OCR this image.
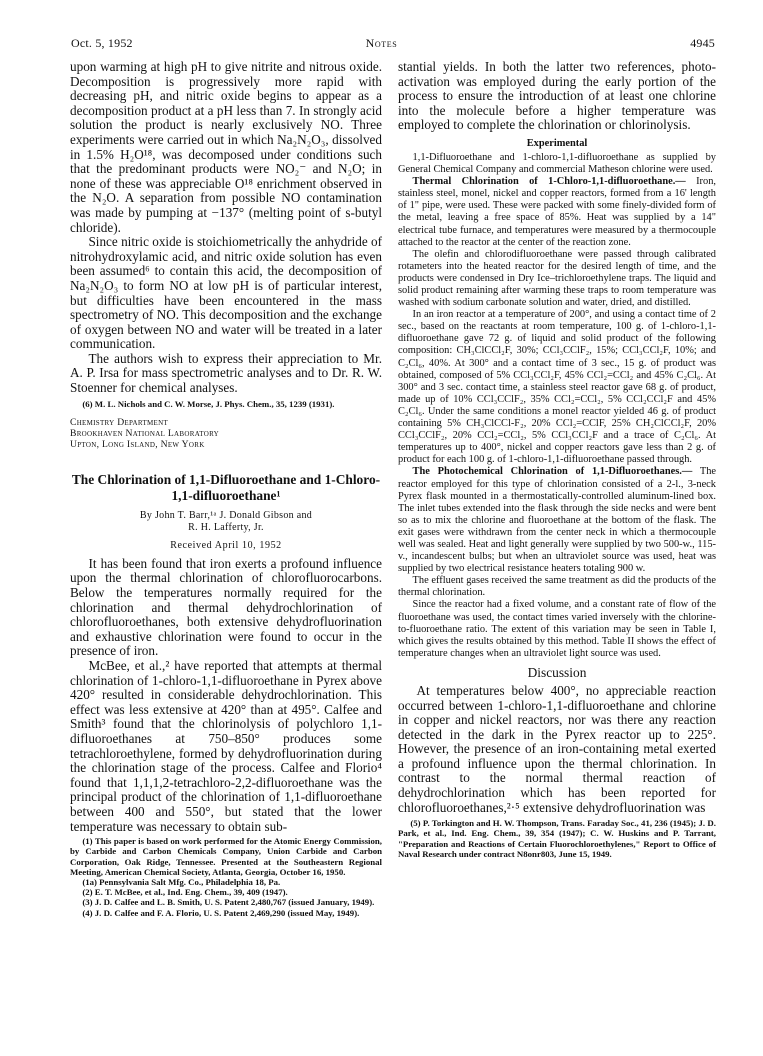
Oct. 5, 1952	Notes	4945

upon warming at high pH to give nitrite and nitrous oxide. Decomposition is progressively more rapid with decreasing pH, and nitric oxide begins to appear as a decomposition product at a pH less than 7. In strongly acid solution the product is nearly exclusively NO. Three experiments were carried out in which Na₂N₂O₃, dissolved in 1.5% H₂O¹⁸, was decomposed under conditions such that the predominant products were NO₂⁻ and N₂O; in none of these was appreciable O¹⁸ enrichment observed in the N₂O. A separation from possible NO contamination was made by pumping at −137° (melting point of s-butyl chloride).

Since nitric oxide is stoichiometrically the anhydride of nitrohydroxylamic acid, and nitric oxide solution has even been assumed⁶ to contain this acid, the decomposition of Na₂N₂O₃ to form NO at low pH is of particular interest, but difficulties have been encountered in the mass spectrometry of NO. This decomposition and the exchange of oxygen between NO and water will be treated in a later communication.

The authors wish to express their appreciation to Mr. A. P. Irsa for mass spectrometric analyses and to Dr. R. W. Stoenner for chemical analyses.

(6) M. L. Nichols and C. W. Morse, J. Phys. Chem., 35, 1239 (1931).

Chemistry Department
Brookhaven National Laboratory
Upton, Long Island, New York
The Chlorination of 1,1-Difluoroethane and 1-Chloro-1,1-difluoroethane¹
By John T. Barr,¹ᵃ J. Donald Gibson and
R. H. Lafferty, Jr.
Received April 10, 1952

It has been found that iron exerts a profound influence upon the thermal chlorination of chlorofluorocarbons. Below the temperatures normally required for the chlorination and thermal dehydrochlorination of chlorofluoroethanes, both extensive dehydrofluorination and exhaustive chlorination were found to occur in the presence of iron.

McBee, et al.,² have reported that attempts at thermal chlorination of 1-chloro-1,1-difluoroethane in Pyrex above 420° resulted in considerable dehydrochlorination. This effect was less extensive at 420° than at 495°. Calfee and Smith³ found that the chlorinolysis of polychloro 1,1-difluoroethanes at 750–850° produces some tetrachloroethylene, formed by dehydrofluorination during the chlorination stage of the process. Calfee and Florio⁴ found that 1,1,1,2-tetrachloro-2,2-difluoroethane was the principal product of the chlorination of 1,1-difluoroethane between 400 and 550°, but stated that the lower temperature was necessary to obtain sub-

(1) This paper is based on work performed for the Atomic Energy Commission, by Carbide and Carbon Chemicals Company, Union Carbide and Carbon Corporation, Oak Ridge, Tennessee. Presented at the Southeastern Regional Meeting, American Chemical Society, Atlanta, Georgia, October 16, 1950.

(1a) Pennsylvania Salt Mfg. Co., Philadelphia 18, Pa.

(2) E. T. McBee, et al., Ind. Eng. Chem., 39, 409 (1947).

(3) J. D. Calfee and L. B. Smith, U. S. Patent 2,480,767 (issued January, 1949).

(4) J. D. Calfee and F. A. Florio, U. S. Patent 2,469,290 (issued May, 1949).

stantial yields. In both the latter two references, photo-activation was employed during the early portion of the process to ensure the introduction of at least one chlorine into the molecule before a higher temperature was employed to complete the chlorination or chlorinolysis.

Experimental

1,1-Difluoroethane and 1-chloro-1,1-difluoroethane as supplied by General Chemical Company and commercial Matheson chlorine were used.

Thermal Chlorination of 1-Chloro-1,1-difluoroethane.— Iron, stainless steel, monel, nickel and copper reactors, formed from a 16' length of 1" pipe, were used. These were packed with some finely-divided form of the metal, leaving a free space of 85%. Heat was supplied by a 14" electrical tube furnace, and temperatures were measured by a thermocouple attached to the reactor at the center of the reaction zone.

The olefin and chlorodifluoroethane were passed through calibrated rotameters into the heated reactor for the desired length of time, and the products were condensed in Dry Ice–trichloroethylene traps. The liquid and solid product remaining after warming these traps to room temperature was washed with sodium carbonate solution and water, dried, and distilled.

In an iron reactor at a temperature of 200°, and using a contact time of 2 sec., based on the reactants at room temperature, 100 g. of 1-chloro-1,1-difluoroethane gave 72 g. of liquid and solid product of the following composition: CH₃ClCCl₂F, 30%; CCl₃CClF₂, 15%; CCl₃CCl₂F, 10%; and C₂Cl₆, 40%. At 300° and a contact time of 3 sec., 15 g. of product was obtained, composed of 5% CCl₃CCl₂F, 45% CCl₂=CCl₂ and 45% C₂Cl₆. At 300° and 3 sec. contact time, a stainless steel reactor gave 68 g. of product, made up of 10% CCl₃CClF₂, 35% CCl₂=CCl₂, 5% CCl₂CCl₂F and 45% C₂Cl₆. Under the same conditions a monel reactor yielded 46 g. of product containing 5% CH₃ClCCl-F₂, 20% CCl₂=CClF, 25% CH₂ClCCl₂F, 20% CCl₃CClF₂, 20% CCl₂=CCl₂, 5% CCl₃CCl₂F and a trace of C₂Cl₆. At temperatures up to 400°, nickel and copper reactors gave less than 2 g. of product for each 100 g. of 1-chloro-1,1-difluoroethane passed through.

The Photochemical Chlorination of 1,1-Difluoroethanes.— The reactor employed for this type of chlorination consisted of a 2-l., 3-neck Pyrex flask mounted in a thermostatically-controlled aluminum-lined box. The inlet tubes extended into the flask through the side necks and were bent so as to mix the chlorine and fluoroethane at the bottom of the flask. The exit gases were withdrawn from the center neck in which a thermocouple well was sealed. Heat and light generally were supplied by two 500-w., 115-v., incandescent bulbs; but when an ultraviolet source was used, heat was supplied by two electrical resistance heaters totaling 900 w.

The effluent gases received the same treatment as did the products of the thermal chlorination.

Since the reactor had a fixed volume, and a constant rate of flow of the fluoroethane was used, the contact times varied inversely with the chlorine-to-fluoroethane ratio. The extent of this variation may be seen in Table I, which gives the results obtained by this method. Table II shows the effect of temperature changes when an ultraviolet light source was used.

Discussion

At temperatures below 400°, no appreciable reaction occurred between 1-chloro-1,1-difluoroethane and chlorine in copper and nickel reactors, nor was there any reaction detected in the dark in the Pyrex reactor up to 225°. However, the presence of an iron-containing metal exerted a profound influence upon the thermal chlorination. In contrast to the normal thermal reaction of dehydrochlorination which has been reported for chlorofluoroethanes,²·⁵ extensive dehydrofluorination was

(5) P. Torkington and H. W. Thompson, Trans. Faraday Soc., 41, 236 (1945); J. D. Park, et al., Ind. Eng. Chem., 39, 354 (1947); C. W. Huskins and P. Tarrant, "Preparation and Reactions of Certain Fluorochloroethylenes," Report to Office of Naval Research under contract N8onr803, June 15, 1949.
